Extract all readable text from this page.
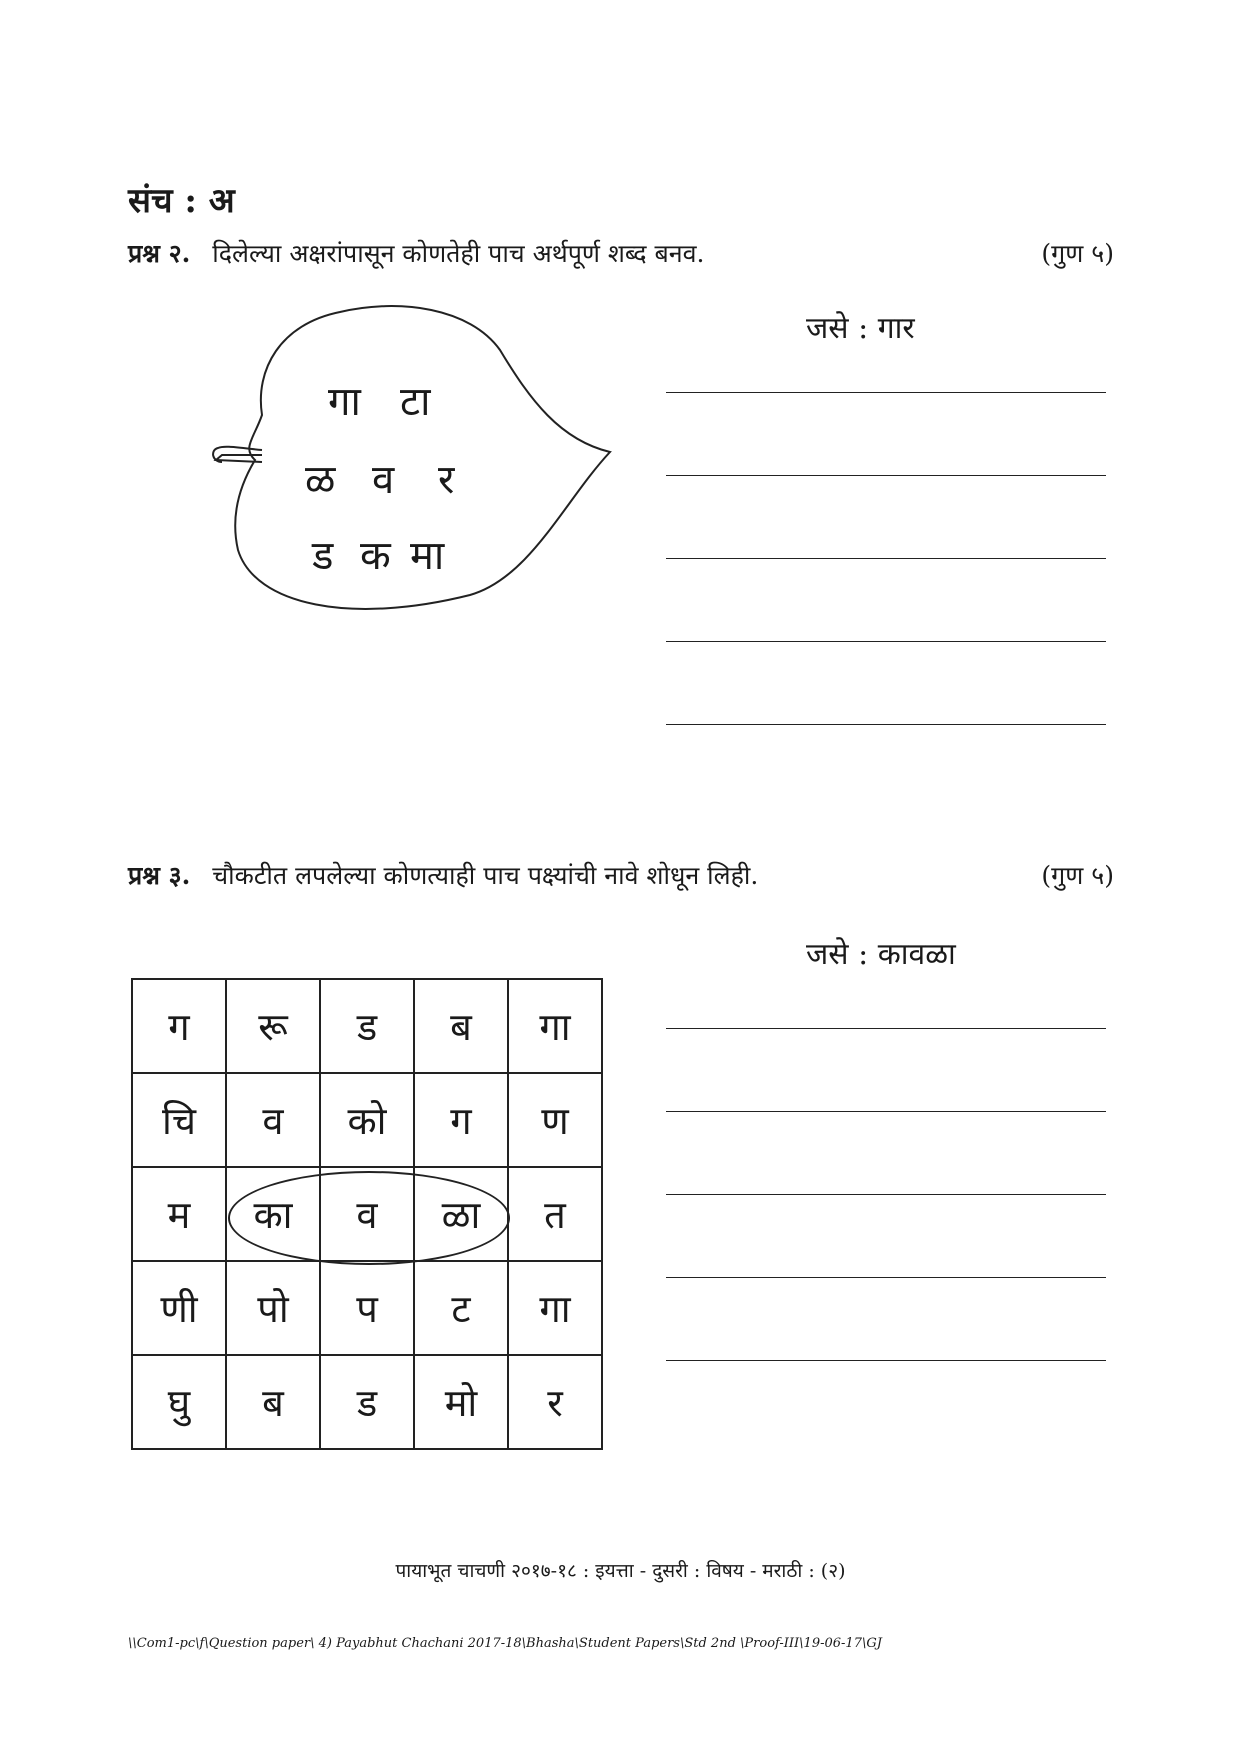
संच : अ
प्रश्न २. दिलेल्या अक्षरांपासून कोणतेही पाच अर्थपूर्ण शब्द बनव.	(गुण ५)
जसे : गार
गा टा
ळ व र
ड क मा
प्रश्न ३. चौकटीत लपलेल्या कोणत्याही पाच पक्ष्यांची नावे शोधून लिही.	(गुण ५)
जसे : कावळा
ग	रू	ड	ब	गा
चि	व	को	ग	ण
म	का	व	ळा	त
णी	पो	प	ट	गा
घु	ब	ड	मो	र
पायाभूत चाचणी २०१७-१८ : इयत्ता - दुसरी : विषय - मराठी : (२)
\\Com1-pc\f\Question paper\ 4) Payabhut Chachani 2017-18\Bhasha\Student Papers\Std 2nd \Proof-III\19-06-17\GJ
